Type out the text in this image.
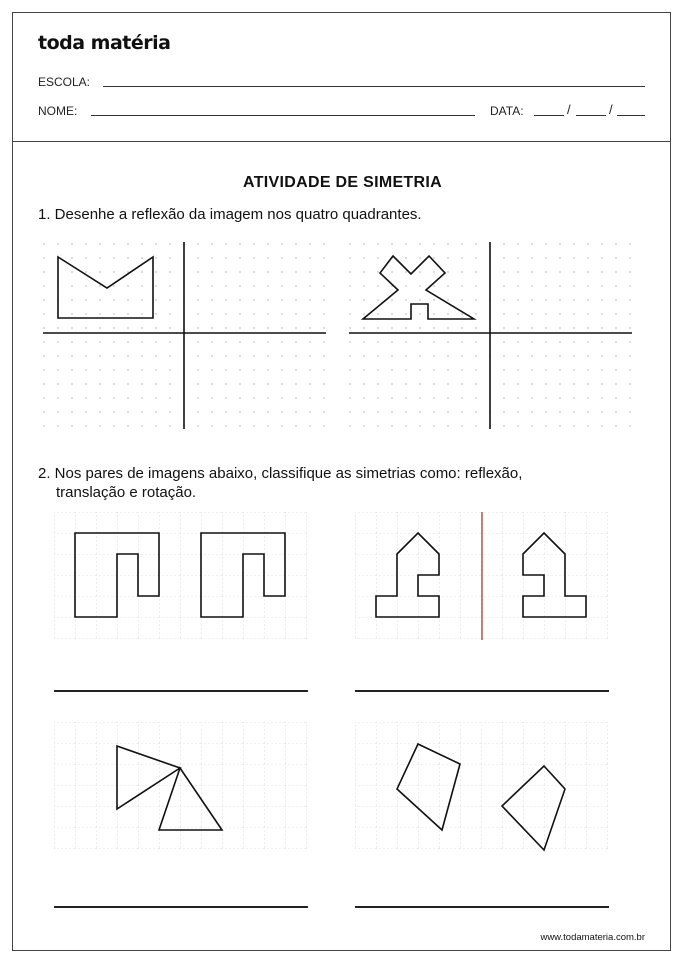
toda matéria
ESCOLA:
NOME:	DATA:	/	/
ATIVIDADE DE SIMETRIA
1. Desenhe a reflexão da imagem nos quatro quadrantes.
2. Nos pares de imagens abaixo, classifique as simetrias como: reflexão,
translação e rotação.
www.todamateria.com.br
